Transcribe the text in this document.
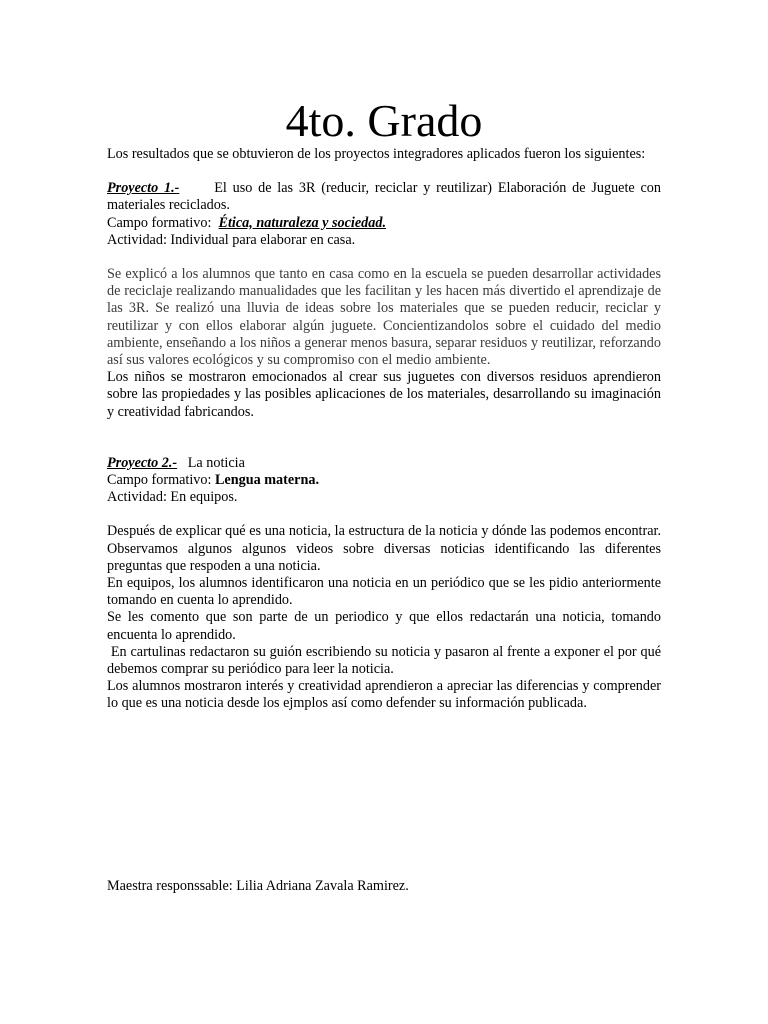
4to. Grado

Los resultados que se obtuvieron de los proyectos integradores aplicados fueron los siguientes:

Proyecto 1.- El uso de las 3R (reducir, reciclar y reutilizar) Elaboración de Juguete con materiales reciclados.

Campo formativo:  Ética, naturaleza y sociedad.

Actividad: Individual para elaborar en casa.

Se explicó a los alumnos que tanto en casa como en la escuela se pueden desarrollar actividades de reciclaje realizando manualidades que les facilitan y les hacen más divertido el aprendizaje de las 3R. Se realizó una lluvia de ideas sobre los materiales que se pueden reducir, reciclar y reutilizar y con ellos elaborar algún juguete. Concientizandolos sobre el cuidado del medio ambiente, enseñando a los niños a generar menos basura, separar residuos y reutilizar, reforzando así sus valores ecológicos y su compromiso con el medio ambiente.

Los niños se mostraron emocionados al crear sus juguetes con diversos residuos aprendieron sobre las propiedades y las posibles aplicaciones de los materiales, desarrollando su imaginación y creatividad fabricandos.

Proyecto 2.- La noticia

Campo formativo: Lengua materna.

Actividad: En equipos.

Después de explicar qué es una noticia, la estructura de la noticia y dónde las podemos encontrar. Observamos algunos algunos videos sobre diversas noticias identificando las diferentes preguntas que respoden a una noticia.

En equipos, los alumnos identificaron una noticia en un periódico que se les pidio anteriormente tomando en cuenta lo aprendido.

Se les comento que son parte de un periodico y que ellos redactarán una noticia, tomando encuenta lo aprendido.

En cartulinas redactaron su guión escribiendo su noticia y pasaron al frente a exponer el por qué debemos comprar su periódico para leer la noticia.

Los alumnos mostraron interés y creatividad aprendieron a apreciar las diferencias y comprender lo que es una noticia desde los ejmplos así como defender su información publicada.

Maestra responssable: Lilia Adriana Zavala Ramirez.
